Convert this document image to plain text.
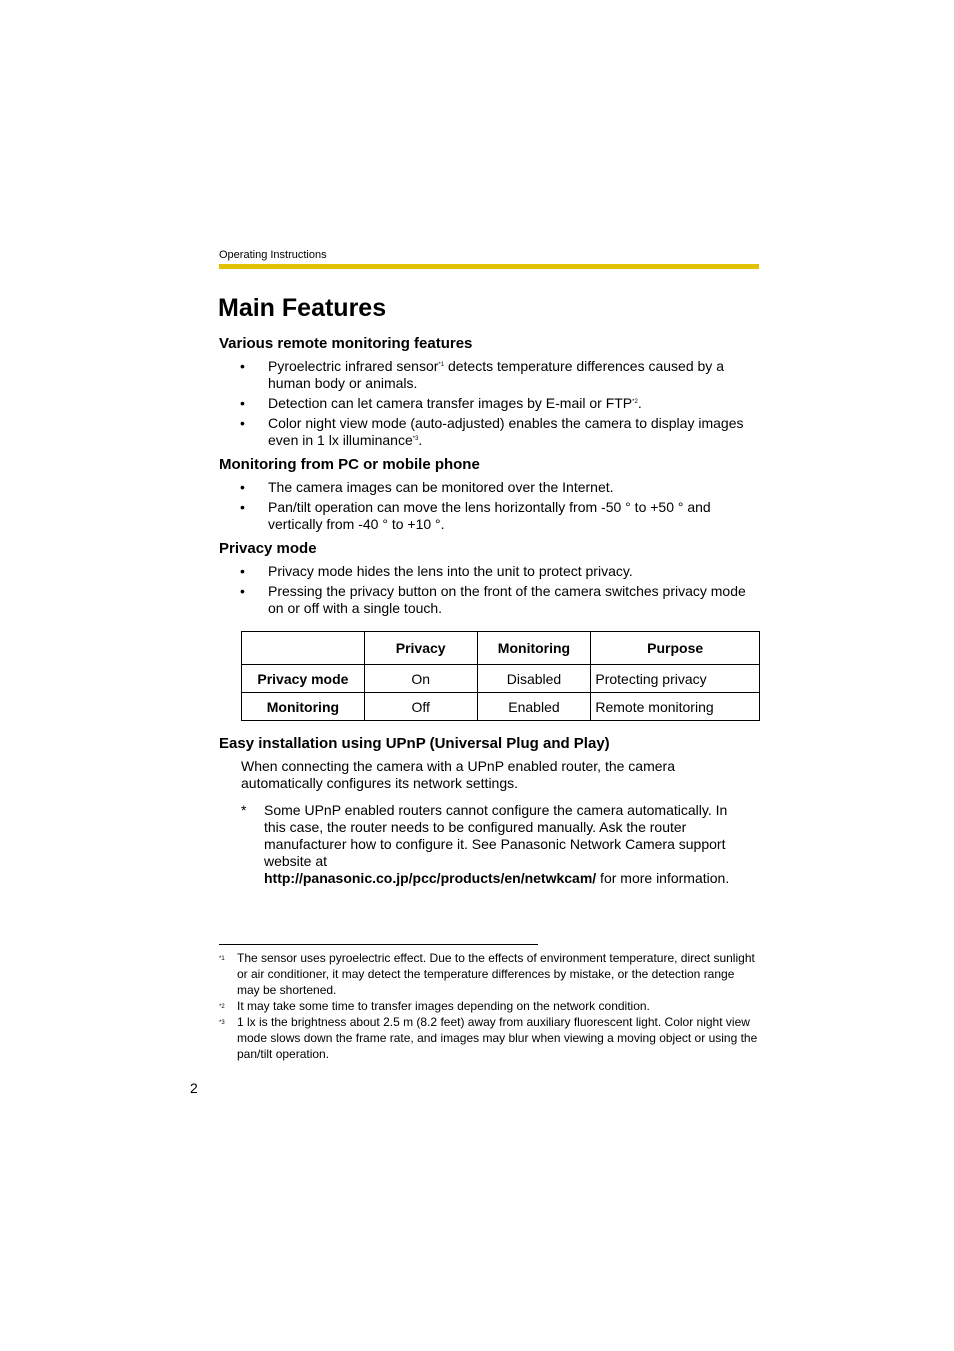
Operating Instructions
Main Features
Various remote monitoring features
• Pyroelectric infrared sensor$^{*1}$ detects temperature differences caused by a human body or animals.
• Detection can let camera transfer images by E-mail or FTP$^{*2}$.
• Color night view mode (auto-adjusted) enables the camera to display images even in 1 lx illuminance$^{*3}$.
Monitoring from PC or mobile phone
• The camera images can be monitored over the Internet.
• Pan/tilt operation can move the lens horizontally from -50 ° to +50 ° and vertically from -40 ° to +10 °.
Privacy mode
• Privacy mode hides the lens into the unit to protect privacy.
• Pressing the privacy button on the front of the camera switches privacy mode on or off with a single touch.
	Privacy	Monitoring	Purpose
Privacy mode	On	Disabled	Protecting privacy
Monitoring	Off	Enabled	Remote monitoring
Easy installation using UPnP (Universal Plug and Play)
When connecting the camera with a UPnP enabled router, the camera automatically configures its network settings.
* Some UPnP enabled routers cannot configure the camera automatically. In this case, the router needs to be configured manually. Ask the router manufacturer how to configure it. See Panasonic Network Camera support website at
http://panasonic.co.jp/pcc/products/en/netwkcam/ for more information.
*1 The sensor uses pyroelectric effect. Due to the effects of environment temperature, direct sunlight or air conditioner, it may detect the temperature differences by mistake, or the detection range may be shortened.
*2 It may take some time to transfer images depending on the network condition.
*3 1 lx is the brightness about 2.5 m (8.2 feet) away from auxiliary fluorescent light. Color night view mode slows down the frame rate, and images may blur when viewing a moving object or using the pan/tilt operation.
2
